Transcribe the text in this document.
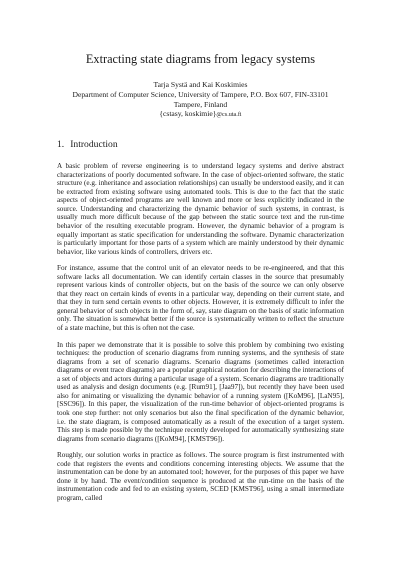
Extracting state diagrams from legacy systems
Tarja Systä and Kai Koskimies
Department of Computer Science, University of Tampere, P.O. Box 607, FIN-33101
Tampere, Finland
{cstasy, koskimie}@cs.uta.fi
1. Introduction

A basic problem of reverse engineering is to understand legacy systems and derive abstract characterizations of poorly documented software. In the case of object-oriented software, the static structure (e.g. inheritance and association relationships) can usually be understood easily, and it can be extracted from existing software using automated tools. This is due to the fact that the static aspects of object-oriented programs are well known and more or less explicitly indicated in the source. Understanding and characterizing the dynamic behavior of such systems, in contrast, is usually much more difficult because of the gap between the static source text and the run-time behavior of the resulting executable program. However, the dynamic behavior of a program is equally important as static specification for understanding the software. Dynamic characterization is particularly important for those parts of a system which are mainly understood by their dynamic behavior, like various kinds of controllers, drivers etc.

For instance, assume that the control unit of an elevator needs to be re-engineered, and that this software lacks all documentation. We can identify certain classes in the source that presumably represent various kinds of controller objects, but on the basis of the source we can only observe that they react on certain kinds of events in a particular way, depending on their current state, and that they in turn send certain events to other objects. However, it is extremely difficult to infer the general behavior of such objects in the form of, say, state diagram on the basis of static information only. The situation is somewhat better if the source is systematically written to reflect the structure of a state machine, but this is often not the case.

In this paper we demonstrate that it is possible to solve this problem by combining two existing techniques: the production of scenario diagrams from running systems, and the synthesis of state diagrams from a set of scenario diagrams. Scenario diagrams (sometimes called interaction diagrams or event trace diagrams) are a popular graphical notation for describing the interactions of a set of objects and actors during a particular usage of a system. Scenario diagrams are traditionally used as analysis and design documents (e.g. [Rum91], [Jaa97]), but recently they have been used also for animating or visualizing the dynamic behavior of a running system ([KoM96], [LaN95], [SSC96]). In this paper, the visualization of the run-time behavior of object-oriented programs is took one step further: not only scenarios but also the final specification of the dynamic behavior, i.e. the state diagram, is composed automatically as a result of the execution of a target system. This step is made possible by the technique recently developed for automatically synthesizing state diagrams from scenario diagrams ([KoM94], [KMST96]).

Roughly, our solution works in practice as follows. The source program is first instrumented with code that registers the events and conditions concerning interesting objects. We assume that the instrumentation can be done by an automated tool; however, for the purposes of this paper we have done it by hand. The event/condition sequence is produced at the run-time on the basis of the instrumentation code and fed to an existing system, SCED [KMST96], using a small intermediate program, called
